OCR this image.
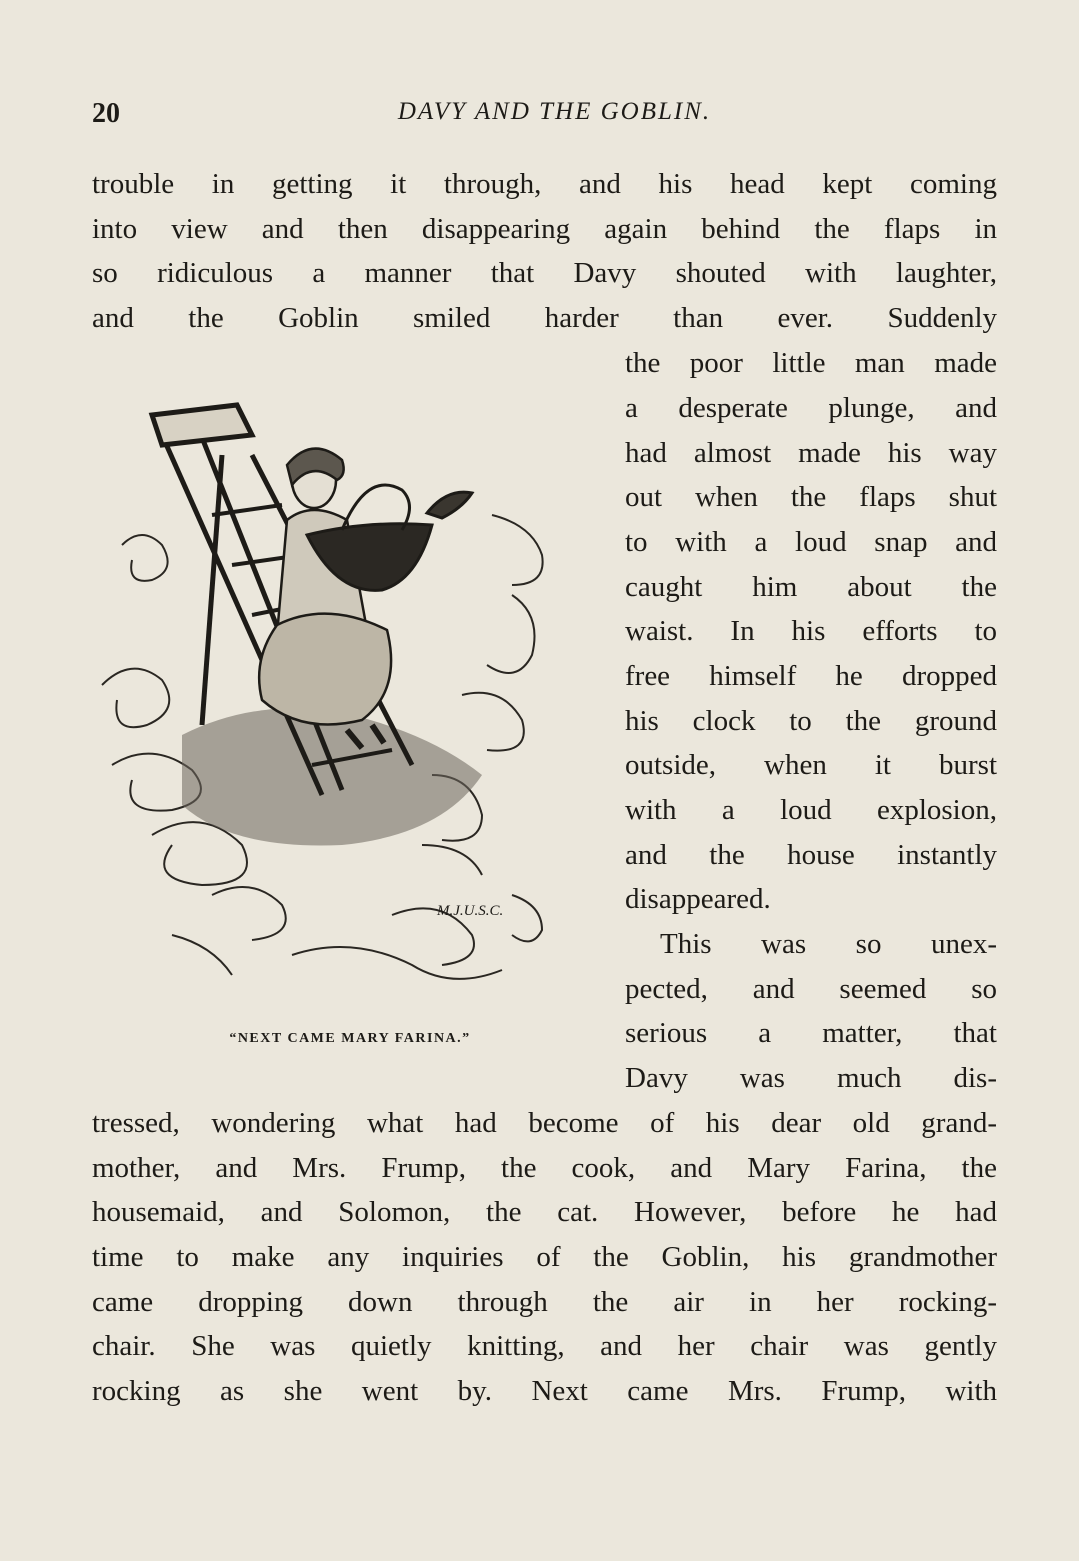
20	DAVY AND THE GOBLIN.
trouble in getting it through, and his head kept coming
into view and then disappearing again behind the flaps in
so ridiculous a manner that Davy shouted with laughter,
and the Goblin smiled harder than ever. Suddenly
the poor little man made
a desperate plunge, and
had almost made his way
out when the flaps shut
to with a loud snap and
caught him about the
waist. In his efforts to
free himself he dropped
his clock to the ground
outside, when it burst
with a loud explosion,
and the house instantly
disappeared.
This was so unex-
pected, and seemed so
serious a matter, that
Davy was much dis-
tressed, wondering what had become of his dear old grand-
mother, and Mrs. Frump, the cook, and Mary Farina, the
housemaid, and Solomon, the cat. However, before he had
time to make any inquiries of the Goblin, his grandmother
came dropping down through the air in her rocking-
chair. She was quietly knitting, and her chair was gently
rocking as she went by. Next came Mrs. Frump, with
M.J.U.S.C.
“NEXT CAME MARY FARINA.”
